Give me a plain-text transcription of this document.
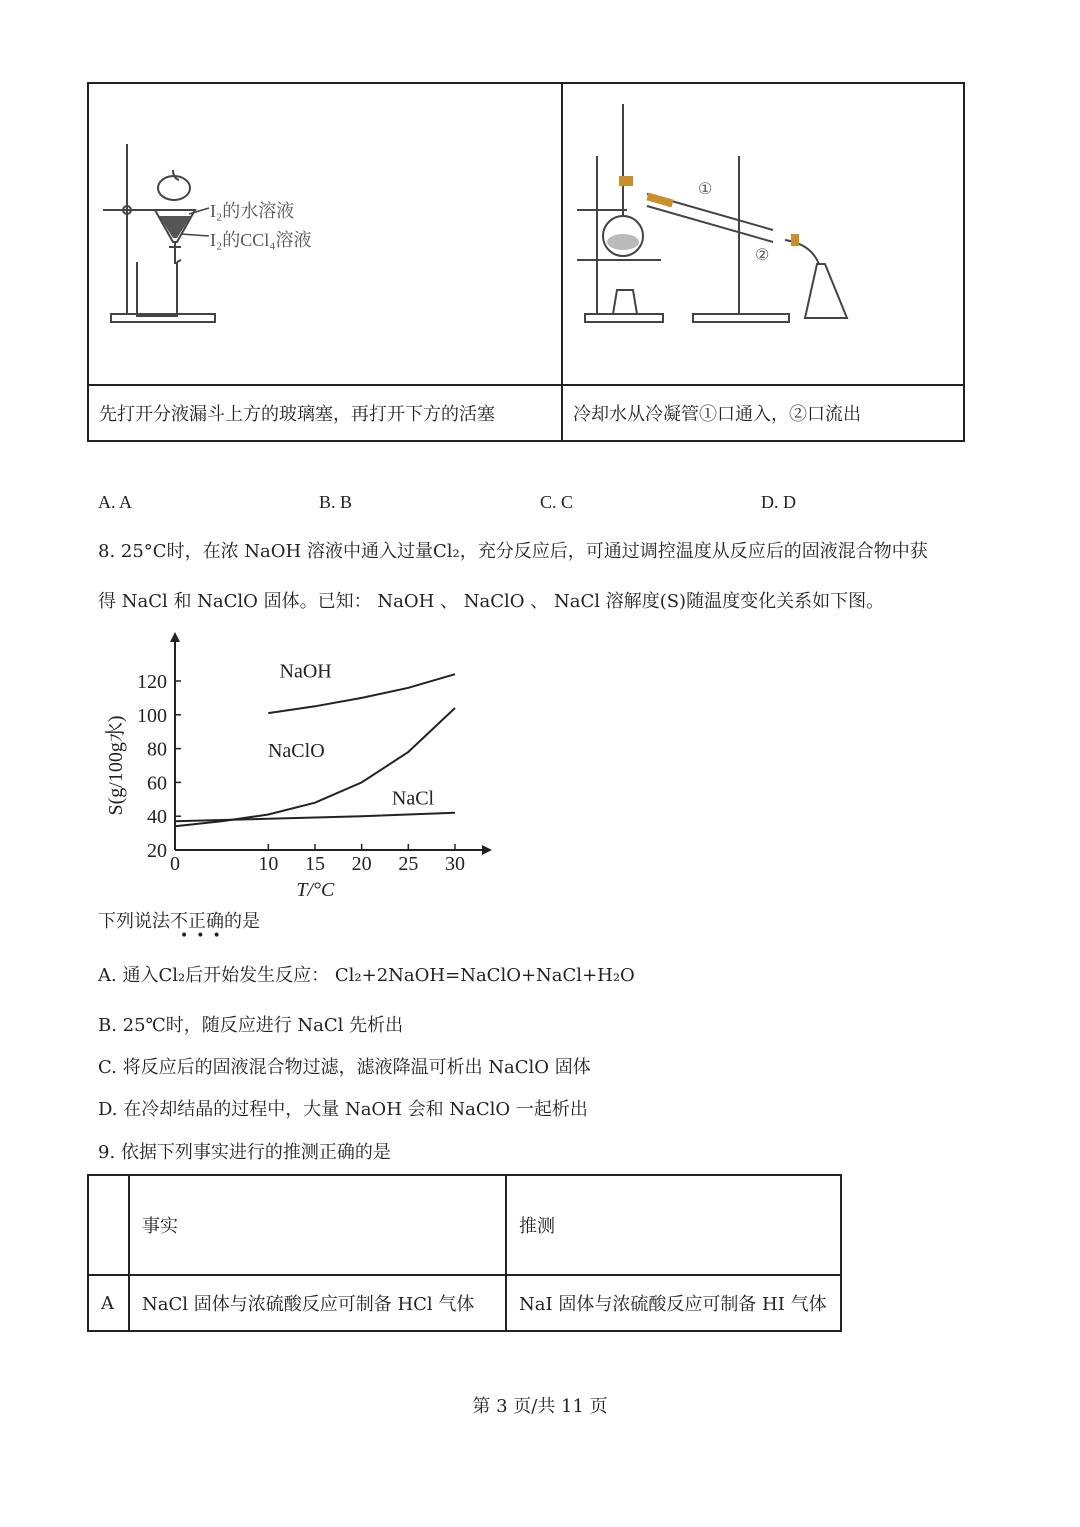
I₂的水溶液
I₂的CCl₄溶液	①
②

先打开分液漏斗上方的玻璃塞，再打开下方的活塞	冷却水从冷凝管①口通入，②口流出
A. A	B. B	C. C	D. D
8. 25°C时，在浓 NaOH 溶液中通入过量Cl₂，充分反应后，可通过调控温度从反应后的固液混合物中获
得 NaCl 和 NaClO 固体。已知： NaOH 、 NaClO 、 NaCl 溶解度(S)随温度变化关系如下图。
20
40
60
80
100
120
0	10 15 20 25 30
T/°C
S(g/100g水)
NaOH
NaClO
NaCl
下列说法不正确的是
•••
A. 通入Cl₂后开始发生反应： Cl₂+2NaOH=NaClO+NaCl+H₂O
B. 25℃时，随反应进行 NaCl 先析出
C. 将反应后的固液混合物过滤，滤液降温可析出 NaClO 固体
D. 在冷却结晶的过程中，大量 NaOH 会和 NaClO 一起析出
9. 依据下列事实进行的推测正确的是
	事实	推测
A	NaCl 固体与浓硫酸反应可制备 HCl 气体	NaI 固体与浓硫酸反应可制备 HI 气体
第 3 页/共 11 页
